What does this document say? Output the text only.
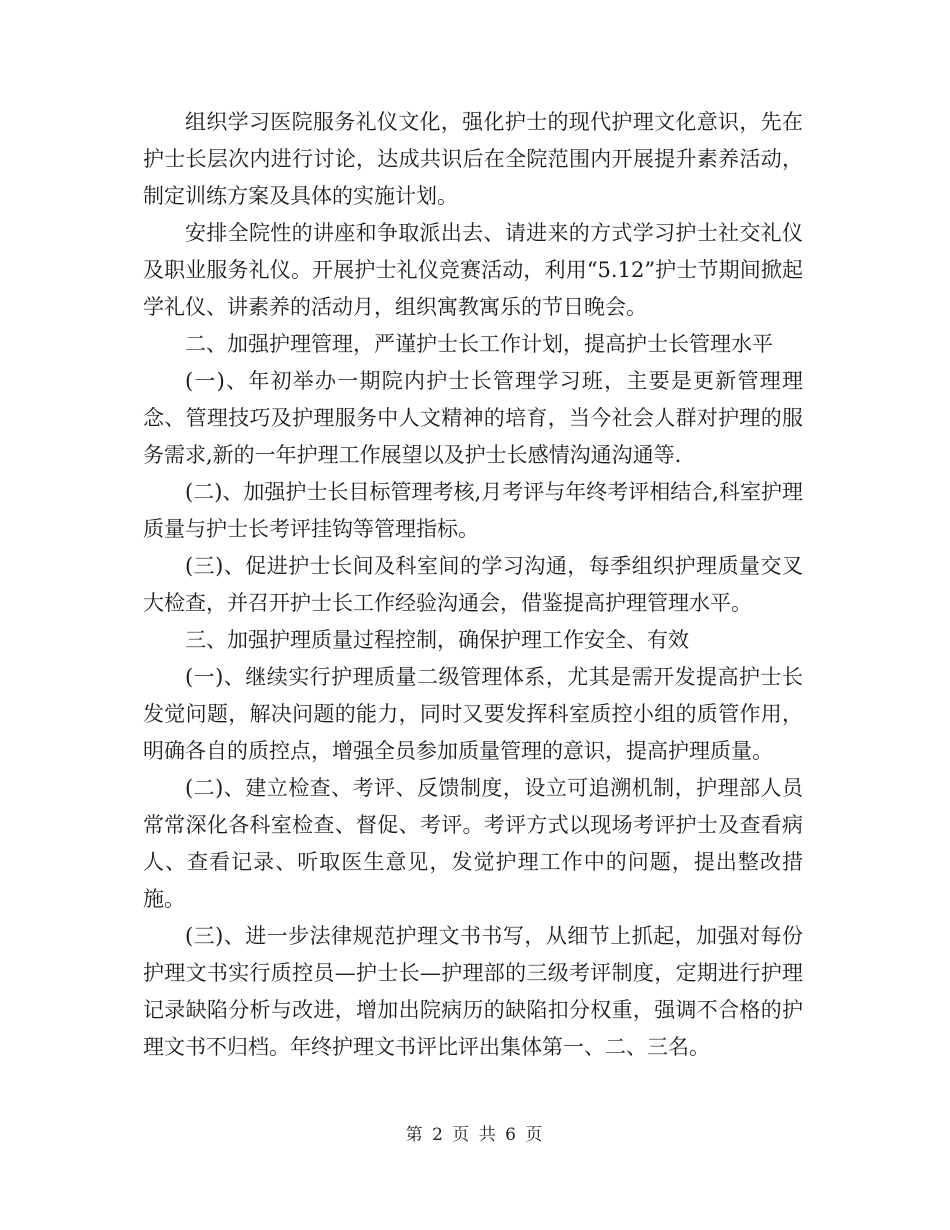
组织学习医院服务礼仪文化，强化护士的现代护理文化意识，先在护士长层次内进行讨论，达成共识后在全院范围内开展提升素养活动，制定训练方案及具体的实施计划。

安排全院性的讲座和争取派出去、请进来的方式学习护士社交礼仪及职业服务礼仪。开展护士礼仪竞赛活动，利用“5.12”护士节期间掀起学礼仪、讲素养的活动月，组织寓教寓乐的节日晚会。

二、加强护理管理，严谨护士长工作计划，提高护士长管理水平

(一)、年初举办一期院内护士长管理学习班，主要是更新管理理念、管理技巧及护理服务中人文精神的培育，当今社会人群对护理的服务需求,新的一年护理工作展望以及护士长感情沟通沟通等.

(二)、加强护士长目标管理考核,月考评与年终考评相结合,科室护理质量与护士长考评挂钩等管理指标。

(三)、促进护士长间及科室间的学习沟通，每季组织护理质量交叉大检查，并召开护士长工作经验沟通会，借鉴提高护理管理水平。

三、加强护理质量过程控制，确保护理工作安全、有效

(一)、继续实行护理质量二级管理体系，尤其是需开发提高护士长发觉问题，解决问题的能力，同时又要发挥科室质控小组的质管作用，明确各自的质控点，增强全员参加质量管理的意识，提高护理质量。

(二)、建立检查、考评、反馈制度，设立可追溯机制，护理部人员常常深化各科室检查、督促、考评。考评方式以现场考评护士及查看病人、查看记录、听取医生意见，发觉护理工作中的问题，提出整改措施。

(三)、进一步法律规范护理文书书写，从细节上抓起，加强对每份护理文书实行质控员—护士长—护理部的三级考评制度，定期进行护理记录缺陷分析与改进，增加出院病历的缺陷扣分权重，强调不合格的护理文书不归档。年终护理文书评比评出集体第一、二、三名。

第 2 页 共 6 页
